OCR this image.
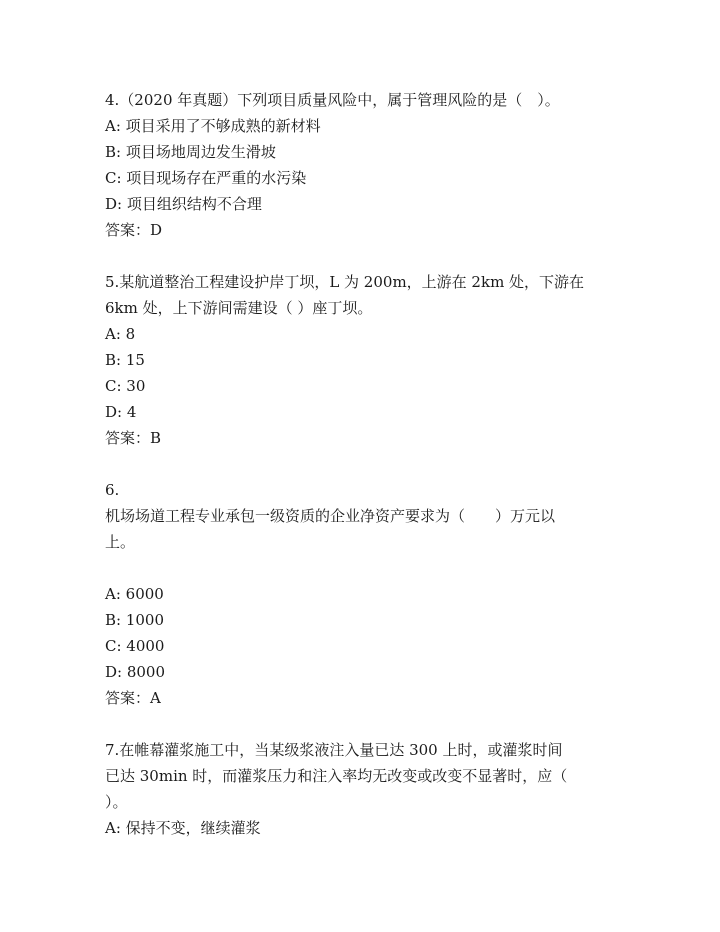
4.（2020 年真题）下列项目质量风险中，属于管理风险的是（　）。
A: 项目采用了不够成熟的新材料
B: 项目场地周边发生滑坡
C: 项目现场存在严重的水污染
D: 项目组织结构不合理
答案：D
5.某航道整治工程建设护岸丁坝，L 为 200m，上游在 2km 处，下游在
6km 处，上下游间需建设（ ）座丁坝。
A: 8
B: 15
C: 30
D: 4
答案：B
6.
机场场道工程专业承包一级资质的企业净资产要求为（　　）万元以
上。
A: 6000
B: 1000
C: 4000
D: 8000
答案：A
7.在帷幕灌浆施工中，当某级浆液注入量已达 300 上时，或灌浆时间
已达 30min 时，而灌浆压力和注入率均无改变或改变不显著时，应（
）。
A: 保持不变，继续灌浆
